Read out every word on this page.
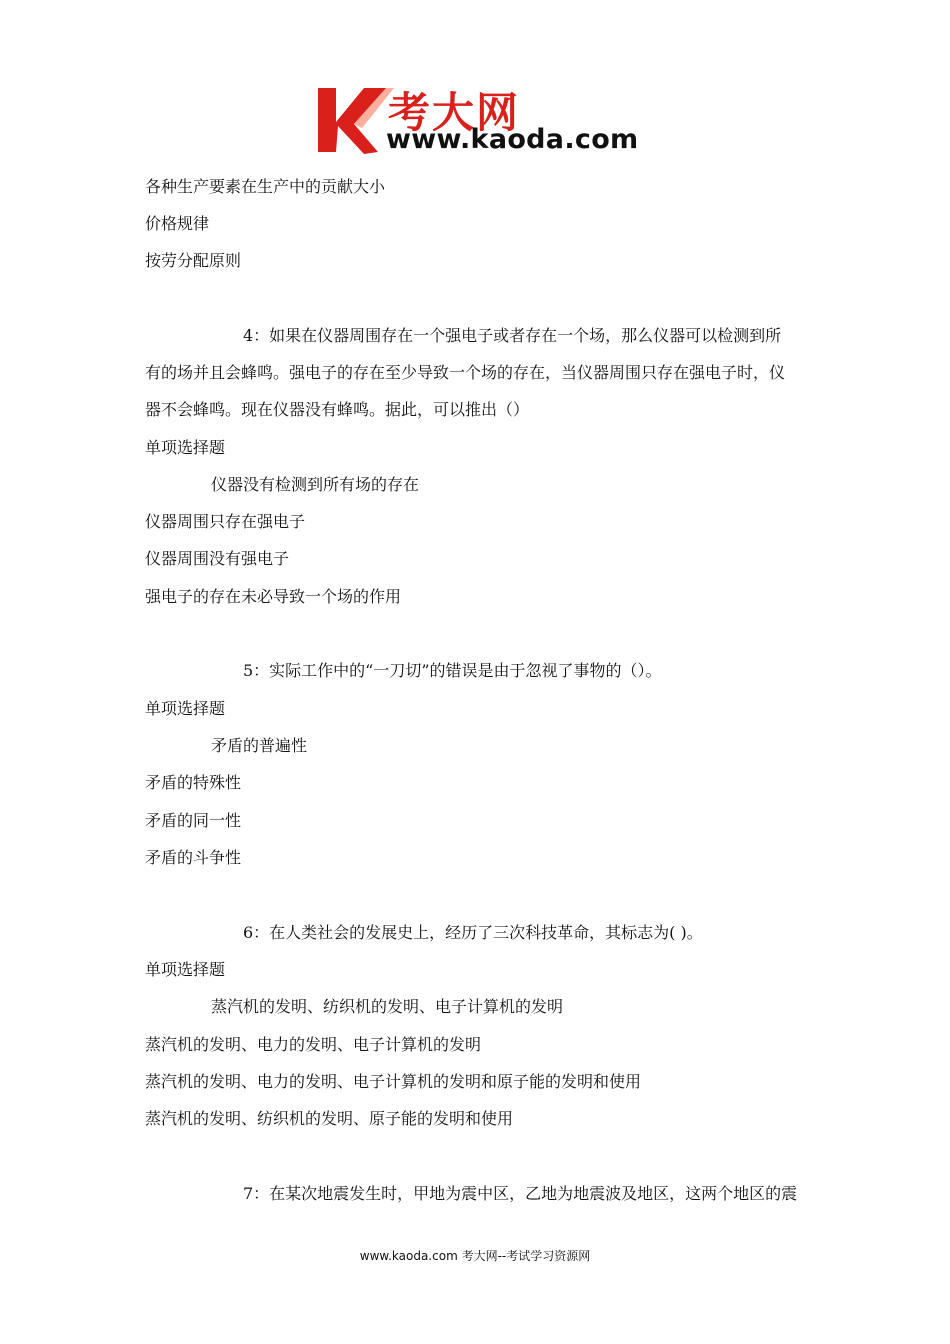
考大网
www.kaoda.com
各种生产要素在生产中的贡献大小
价格规律
按劳分配原则
4：如果在仪器周围存在一个强电子或者存在一个场，那么仪器可以检测到所
有的场并且会蜂鸣。强电子的存在至少导致一个场的存在，当仪器周围只存在强电子时，仪
器不会蜂鸣。现在仪器没有蜂鸣。据此，可以推出（）
单项选择题
仪器没有检测到所有场的存在
仪器周围只存在强电子
仪器周围没有强电子
强电子的存在未必导致一个场的作用
5：实际工作中的“一刀切”的错误是由于忽视了事物的（）。
单项选择题
矛盾的普遍性
矛盾的特殊性
矛盾的同一性
矛盾的斗争性
6：在人类社会的发展史上，经历了三次科技革命，其标志为( )。
单项选择题
蒸汽机的发明、纺织机的发明、电子计算机的发明
蒸汽机的发明、电力的发明、电子计算机的发明
蒸汽机的发明、电力的发明、电子计算机的发明和原子能的发明和使用
蒸汽机的发明、纺织机的发明、原子能的发明和使用
7：在某次地震发生时，甲地为震中区，乙地为地震波及地区，这两个地区的震
www.kaoda.com 考大网--考试学习资源网
